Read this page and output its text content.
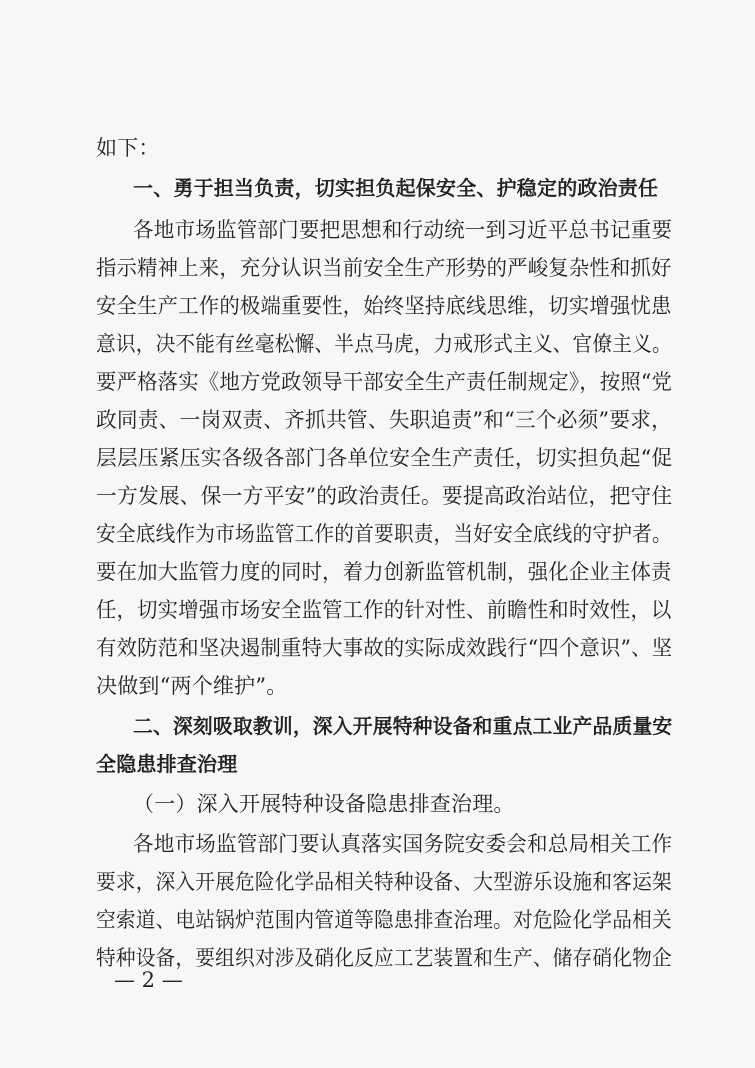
如下：
一、勇于担当负责，切实担负起保安全、护稳定的政治责任
各地市场监管部门要把思想和行动统一到习近平总书记重要
指示精神上来，充分认识当前安全生产形势的严峻复杂性和抓好
安全生产工作的极端重要性，始终坚持底线思维，切实增强忧患
意识，决不能有丝毫松懈、半点马虎，力戒形式主义、官僚主义。
要严格落实《地方党政领导干部安全生产责任制规定》，按照“党
政同责、一岗双责、齐抓共管、失职追责”和“三个必须”要求，
层层压紧压实各级各部门各单位安全生产责任，切实担负起“促
一方发展、保一方平安”的政治责任。要提高政治站位，把守住
安全底线作为市场监管工作的首要职责，当好安全底线的守护者。
要在加大监管力度的同时，着力创新监管机制，强化企业主体责
任，切实增强市场安全监管工作的针对性、前瞻性和时效性，以
有效防范和坚决遏制重特大事故的实际成效践行“四个意识”、坚
决做到“两个维护”。
二、深刻吸取教训，深入开展特种设备和重点工业产品质量安
全隐患排查治理
（一）深入开展特种设备隐患排查治理。
各地市场监管部门要认真落实国务院安委会和总局相关工作
要求，深入开展危险化学品相关特种设备、大型游乐设施和客运架
空索道、电站锅炉范围内管道等隐患排查治理。对危险化学品相关
特种设备，要组织对涉及硝化反应工艺装置和生产、储存硝化物企
— 2 —
